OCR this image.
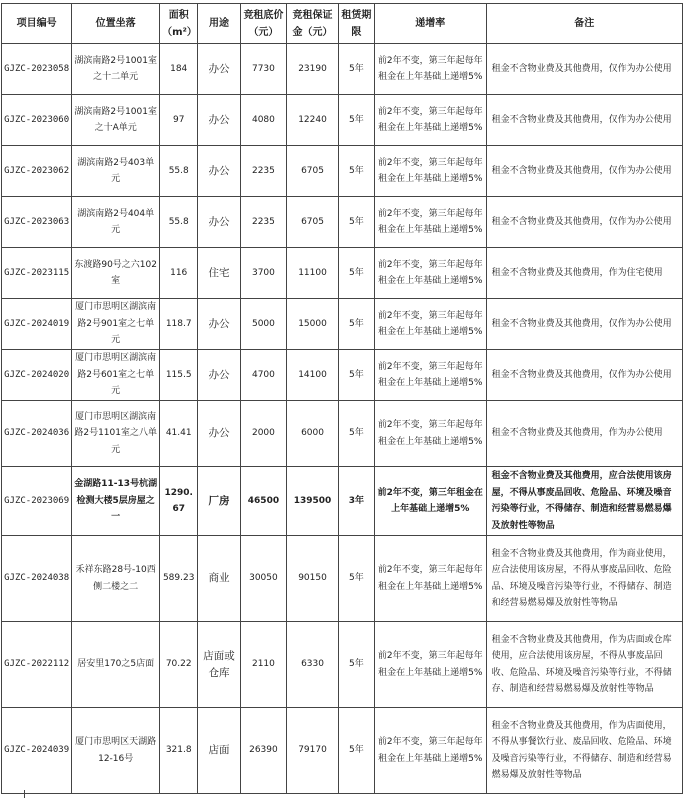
项目编号	位置坐落	面积（m²）	用途	竞租底价（元）	竞租保证金（元）	租赁期限	递增率	备注
GJZC-2023058	湖滨南路2号1001室之十二单元	184	办公	7730	23190	5年	前2年不变，第三年起每年租金在上年基础上递增5%	租金不含物业费及其他费用，仅作为办公使用
GJZC-2023060	湖滨南路2号1001室之十A单元	97	办公	4080	12240	5年	前2年不变，第三年起每年租金在上年基础上递增5%	租金不含物业费及其他费用，仅作为办公使用
GJZC-2023062	湖滨南路2号403单元	55.8	办公	2235	6705	5年	前2年不变，第三年起每年租金在上年基础上递增5%	租金不含物业费及其他费用，仅作为办公使用
GJZC-2023063	湖滨南路2号404单元	55.8	办公	2235	6705	5年	前2年不变，第三年起每年租金在上年基础上递增5%	租金不含物业费及其他费用，仅作为办公使用
GJZC-2023115	东渡路90号之六102室	116	住宅	3700	11100	5年	前2年不变，第三年起每年租金在上年基础上递增5%	租金不含物业费及其他费用，作为住宅使用
GJZC-2024019	厦门市思明区湖滨南路2号901室之七单元	118.7	办公	5000	15000	5年	前2年不变，第三年起每年租金在上年基础上递增5%	租金不含物业费及其他费用，仅作为办公使用
GJZC-2024020	厦门市思明区湖滨南路2号601室之七单元	115.5	办公	4700	14100	5年	前2年不变，第三年起每年租金在上年基础上递增5%	租金不含物业费及其他费用，仅作为办公使用
GJZC-2024036	厦门市思明区湖滨南路2号1101室之八单元	41.41	办公	2000	6000	5年	前2年不变，第三年起每年租金在上年基础上递增5%	租金不含物业费及其他费用，作为办公使用
GJZC-2023069	金湖路11-13号杭湖检测大楼5层房屋之一	1290.67	厂房	46500	139500	3年	前2年不变，第三年租金在上年基础上递增5%	租金不含物业费及其他费用，应合法使用该房屋，不得从事废品回收、危险品、环境及噪音污染等行业，不得储存、制造和经营易燃易爆及放射性等物品
GJZC-2024038	禾祥东路28号-10西侧二楼之二	589.23	商业	30050	90150	5年	前2年不变，第三年起每年租金在上年基础上递增5%	租金不含物业费及其他费用，作为商业使用，应合法使用该房屋，不得从事废品回收、危险品、环境及噪音污染等行业，不得储存、制造和经营易燃易爆及放射性等物品
GJZC-2022112	居安里170之5店面	70.22	店面或仓库	2110	6330	5年	前2年不变，第三年起每年租金在上年基础上递增5%	租金不含物业费及其他费用，作为店面或仓库使用，应合法使用该房屋，不得从事废品回收、危险品、环境及噪音污染等行业，不得储存、制造和经营易燃易爆及放射性等物品
GJZC-2024039	厦门市思明区天湖路12-16号	321.8	店面	26390	79170	5年	前2年不变，第三年起每年租金在上年基础上递增5%	租金不含物业费及其他费用，作为店面使用，不得从事餐饮行业、废品回收、危险品、环境及噪音污染等行业，不得储存、制造和经营易燃易爆及放射性等物品
